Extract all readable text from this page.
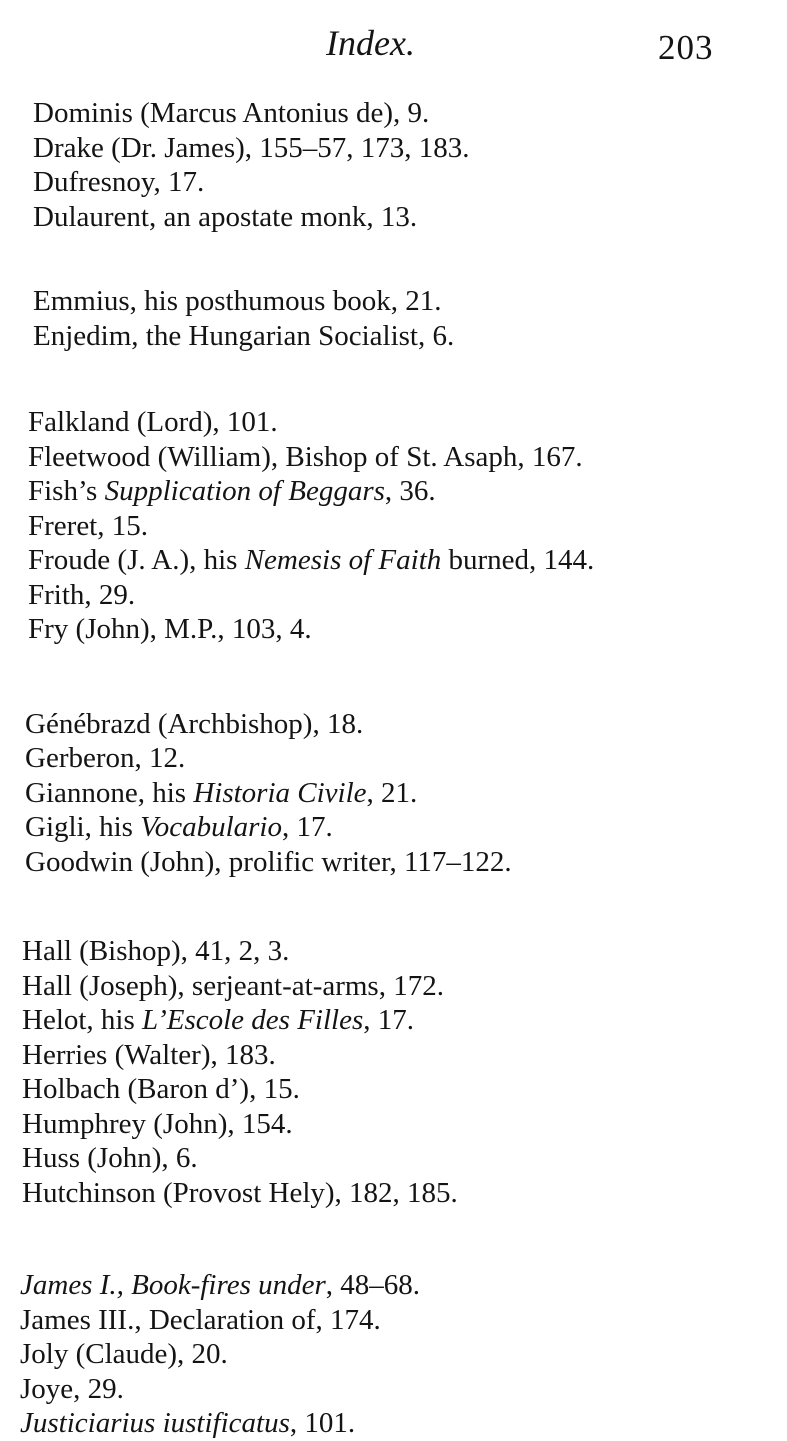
Index.	203
Dominis (Marcus Antonius de), 9.
Drake (Dr. James), 155–57, 173, 183.
Dufresnoy, 17.
Dulaurent, an apostate monk, 13.
Emmius, his posthumous book, 21.
Enjedim, the Hungarian Socialist, 6.
Falkland (Lord), 101.
Fleetwood (William), Bishop of St. Asaph, 167.
Fish’s Supplication of Beggars, 36.
Freret, 15.
Froude (J. A.), his Nemesis of Faith burned, 144.
Frith, 29.
Fry (John), M.P., 103, 4.
Génébrazd (Archbishop), 18.
Gerberon, 12.
Giannone, his Historia Civile, 21.
Gigli, his Vocabulario, 17.
Goodwin (John), prolific writer, 117–122.
Hall (Bishop), 41, 2, 3.
Hall (Joseph), serjeant-at-arms, 172.
Helot, his L’Escole des Filles, 17.
Herries (Walter), 183.
Holbach (Baron d’), 15.
Humphrey (John), 154.
Huss (John), 6.
Hutchinson (Provost Hely), 182, 185.
James I., Book-fires under, 48–68.
James III., Declaration of, 174.
Joly (Claude), 20.
Joye, 29.
Justiciarius iustificatus, 101.
